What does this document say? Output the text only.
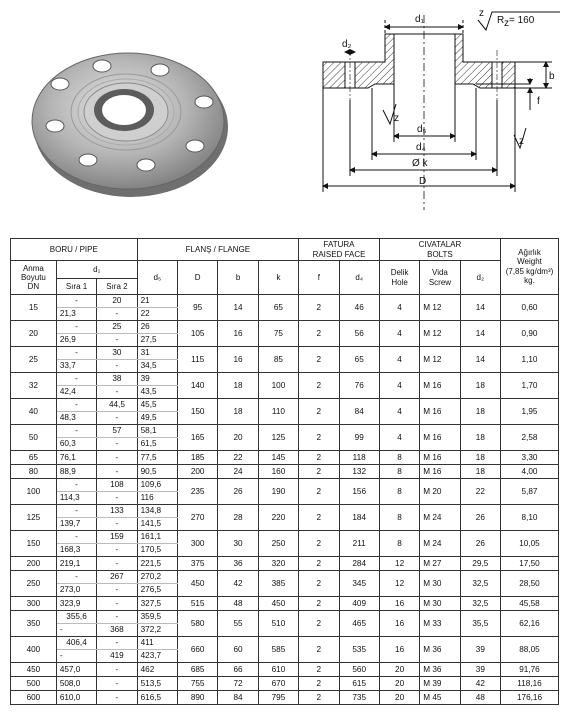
d₁
d₂
b
f
d₅
d₄
Ø k
D
z
z
z
R z = 160
BORU / PIPE			FLANŞ / FLANGE				FATURA
RAISED FACE		CIVATALAR
BOLTS			Ağırlık
Weight
(7,85 kg/dm³)
kg.
Anma
Boyutu
DN	d₁		d₅	D	b	k	f	d₄	Delik
Hole	Vida
Screw	d₂	
	Sıra 1	Sıra 2										
15	-	20	21	95	14	65	2	46	4	M 12	14	0,60
	21,3	-	22									
20	-	25	26	105	16	75	2	56	4	M 12	14	0,90
	26,9	-	27,5									
25	-	30	31	115	16	85	2	65	4	M 12	14	1,10
	33,7	-	34,5									
32	-	38	39	140	18	100	2	76	4	M 16	18	1,70
	42,4	-	43,5									
40	-	44,5	45,5	150	18	110	2	84	4	M 16	18	1,95
	48,3	-	49,5									
50	-	57	58,1	165	20	125	2	99	4	M 16	18	2,58
	60,3	-	61,5									
65	76,1	-	77,5	185	22	145	2	118	8	M 16	18	3,30
80	88,9	-	90,5	200	24	160	2	132	8	M 16	18	4,00
100	-	108	109,6	235	26	190	2	156	8	M 20	22	5,87
	114,3	-	116									
125	-	133	134,8	270	28	220	2	184	8	M 24	26	8,10
	139,7	-	141,5									
150	-	159	161,1	300	30	250	2	211	8	M 24	26	10,05
	168,3	-	170,5									
200	219,1	-	221,5	375	36	320	2	284	12	M 27	29,5	17,50
250	-	267	270,2	450	42	385	2	345	12	M 30	32,5	28,50
	273,0	-	276,5									
300	323,9	-	327,5	515	48	450	2	409	16	M 30	32,5	45,58
350	355,6	-	359,5	580	55	510	2	465	16	M 33	35,5	62,16
	-	368	372,2									
400	406,4	-	411	660	60	585	2	535	16	M 36	39	88,05
	-	419	423,7									
450	457,0	-	462	685	66	610	2	560	20	M 36	39	91,76
500	508,0	-	513,5	755	72	670	2	615	20	M 39	42	118,16
600	610,0	-	616,5	890	84	795	2	735	20	M 45	48	176,16
